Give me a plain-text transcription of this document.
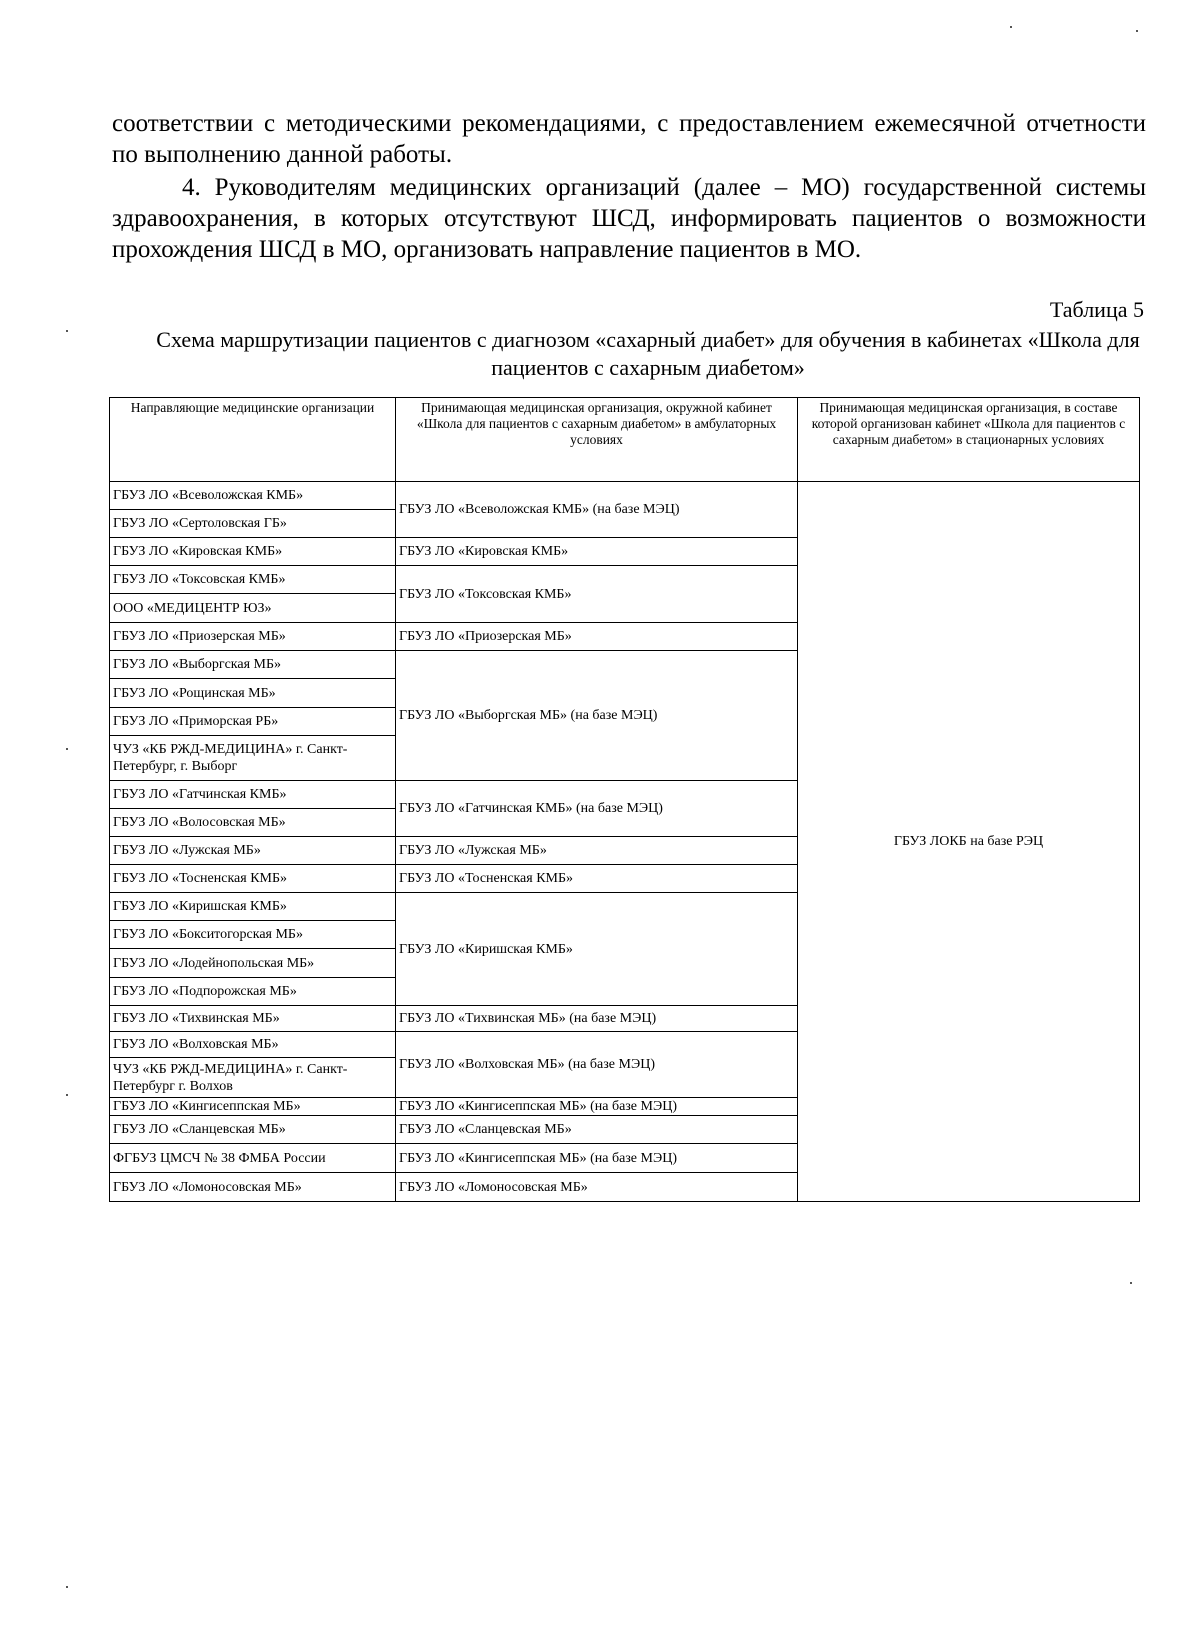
соответствии с методическими рекомендациями, с предоставлением ежемесячной отчетности по выполнению данной работы.

4. Руководителям медицинских организаций (далее – МО) государственной системы здравоохранения, в которых отсутствуют ШСД, информировать пациентов о возможности прохождения ШСД в МО, организовать направление пациентов в МО.

Таблица 5
Схема маршрутизации пациентов с диагнозом «сахарный диабет» для обучения в кабинетах «Школа для пациентов с сахарным диабетом»
Направляющие медицинские организации	Принимающая медицинская организация, окружной кабинет «Школа для пациентов с сахарным диабетом» в амбулаторных условиях	Принимающая медицинская организация, в составе которой организован кабинет «Школа для пациентов с сахарным диабетом» в стационарных условиях
ГБУЗ ЛО «Всеволожская КМБ»	ГБУЗ ЛО «Всеволожская КМБ» (на базе МЭЦ)	ГБУЗ ЛОКБ на базе РЭЦ
ГБУЗ ЛО «Сертоловская ГБ»		
ГБУЗ ЛО «Кировская КМБ»	ГБУЗ ЛО «Кировская КМБ»	
ГБУЗ ЛО «Токсовская КМБ»	ГБУЗ ЛО «Токсовская КМБ»	
ООО «МЕДИЦЕНТР ЮЗ»		
ГБУЗ ЛО «Приозерская МБ»	ГБУЗ ЛО «Приозерская МБ»	
ГБУЗ ЛО «Выборгская МБ»	ГБУЗ ЛО «Выборгская МБ» (на базе МЭЦ)	
ГБУЗ ЛО «Рощинская МБ»		
ГБУЗ ЛО «Приморская РБ»		
ЧУЗ «КБ РЖД-МЕДИЦИНА» г. Санкт-Петербург, г. Выборг		
ГБУЗ ЛО «Гатчинская КМБ»	ГБУЗ ЛО «Гатчинская КМБ» (на базе МЭЦ)	
ГБУЗ ЛО «Волосовская МБ»		
ГБУЗ ЛО «Лужская МБ»	ГБУЗ ЛО «Лужская МБ»	
ГБУЗ ЛО «Тосненская КМБ»	ГБУЗ ЛО «Тосненская КМБ»	
ГБУЗ ЛО «Киришская КМБ»	ГБУЗ ЛО «Киришская КМБ»	
ГБУЗ ЛО «Бокситогорская МБ»		
ГБУЗ ЛО «Лодейнопольская МБ»		
ГБУЗ ЛО «Подпорожская МБ»		
ГБУЗ ЛО «Тихвинская МБ»	ГБУЗ ЛО «Тихвинская МБ» (на базе МЭЦ)	
ГБУЗ ЛО «Волховская МБ»	ГБУЗ ЛО «Волховская МБ» (на базе МЭЦ)	
ЧУЗ «КБ РЖД-МЕДИЦИНА» г. Санкт-Петербург г. Волхов		
ГБУЗ ЛО «Кингисеппская МБ»	ГБУЗ ЛО «Кингисеппская МБ» (на базе МЭЦ)	
ГБУЗ ЛО «Сланцевская МБ»	ГБУЗ ЛО «Сланцевская МБ»	
ФГБУЗ ЦМСЧ № 38 ФМБА России	ГБУЗ ЛО «Кингисеппская МБ» (на базе МЭЦ)	
ГБУЗ ЛО «Ломоносовская МБ»	ГБУЗ ЛО «Ломоносовская МБ»	
